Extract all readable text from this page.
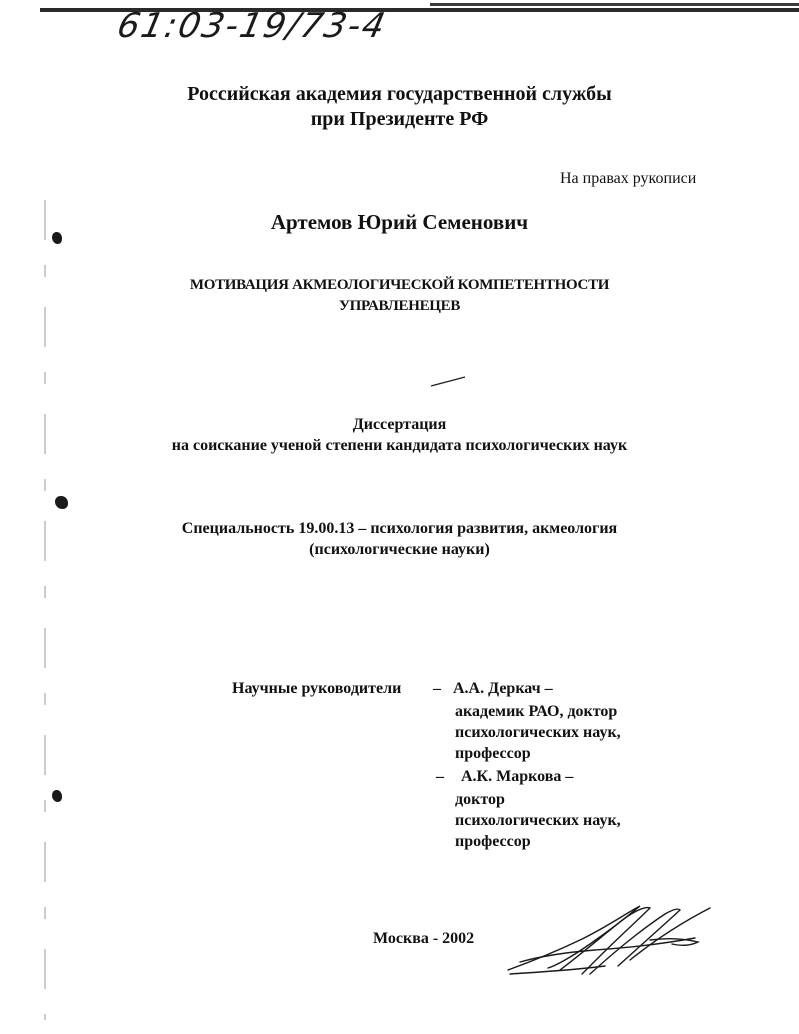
61:03-19/73-4
Российская академия государственной службы
при Президенте РФ
На правах рукописи
Артемов Юрий Семенович
МОТИВАЦИЯ АКМЕОЛОГИЧЕСКОЙ КОМПЕТЕНТНОСТИ
УПРАВЛЕНЕЦЕВ
Диссертация
на соискание ученой степени кандидата психологических наук
Специальность 19.00.13 – психология развития, акмеология
(психологические науки)
Научные руководители – А.А. Деркач –
академик РАО, доктор
психологических наук,
профессор
– А.К. Маркова –
доктор
психологических наук,
профессор
Москва - 2002
